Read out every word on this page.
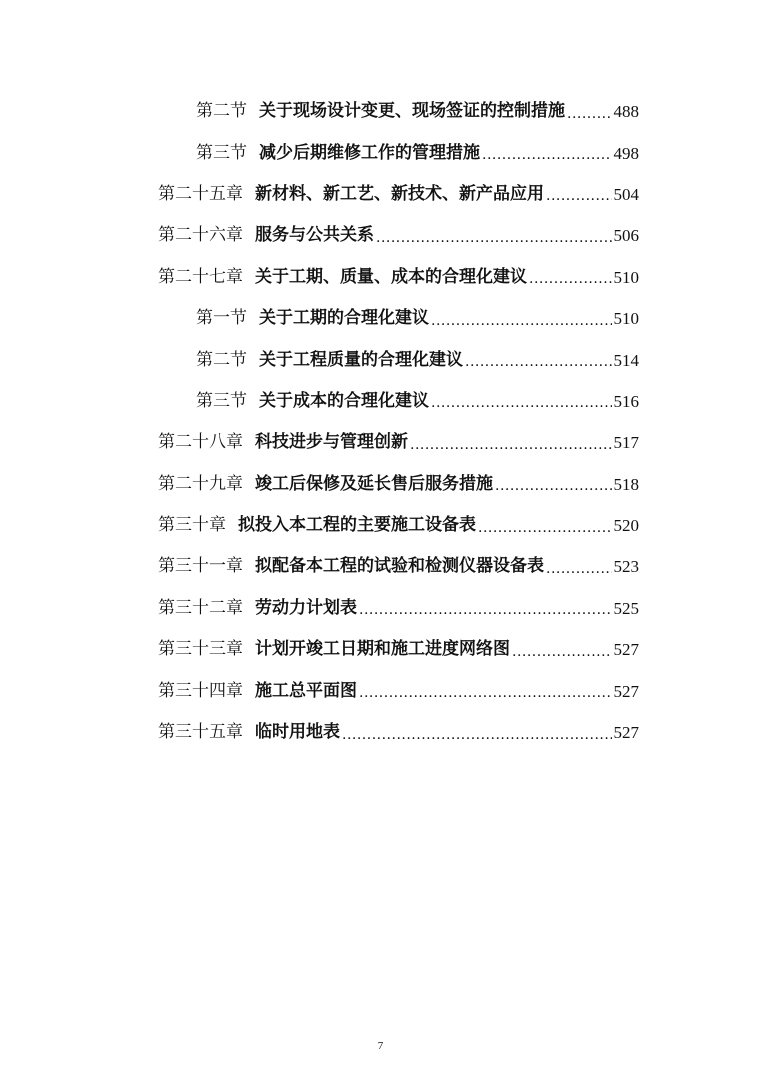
第二节 关于现场设计变更、现场签证的控制措施 .....	488
第三节 减少后期维修工作的管理措施 .....	498
第二十五章 新材料、新工艺、新技术、新产品应用 .....	504
第二十六章 服务与公共关系 .....	506
第二十七章 关于工期、质量、成本的合理化建议 .....	510
第一节 关于工期的合理化建议 .....	510
第二节 关于工程质量的合理化建议 .....	514
第三节 关于成本的合理化建议 .....	516
第二十八章 科技进步与管理创新 .....	517
第二十九章 竣工后保修及延长售后服务措施 .....	518
第三十章 拟投入本工程的主要施工设备表 .....	520
第三十一章 拟配备本工程的试验和检测仪器设备表 .....	523
第三十二章 劳动力计划表 .....	525
第三十三章 计划开竣工日期和施工进度网络图 .....	527
第三十四章 施工总平面图 .....	527
第三十五章 临时用地表 .....	527
7
